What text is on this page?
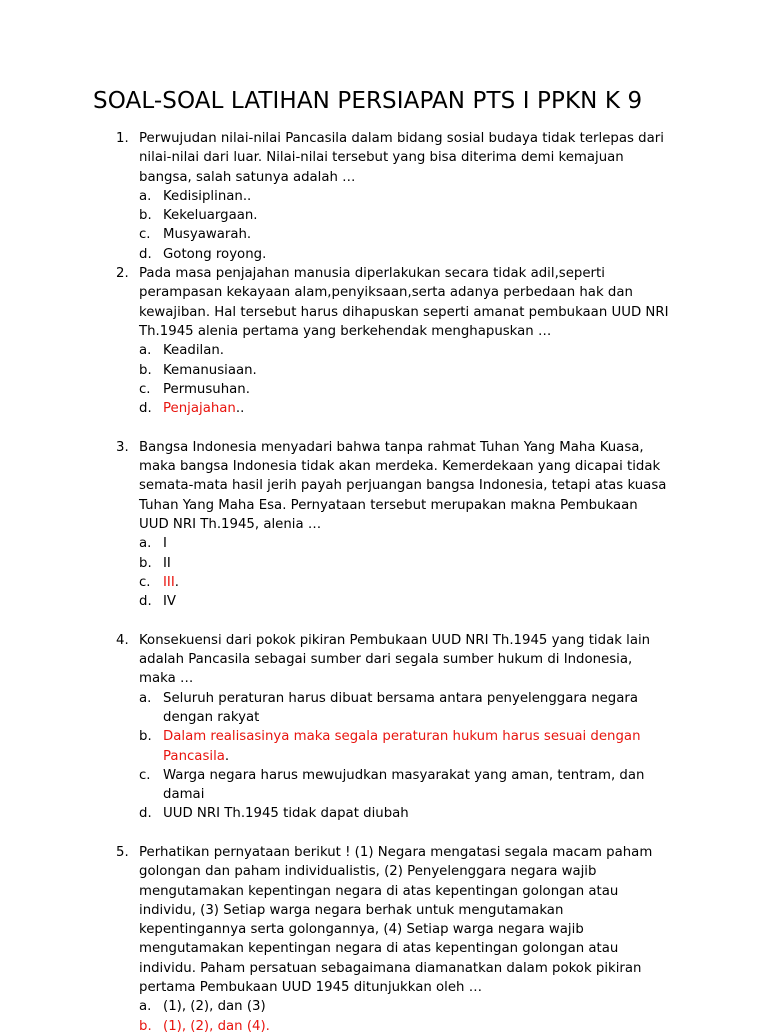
SOAL-SOAL LATIHAN PERSIAPAN PTS I PPKN K 9
1. Perwujudan nilai-nilai Pancasila dalam bidang sosial budaya tidak terlepas dari nilai-nilai dari luar. Nilai-nilai tersebut yang bisa diterima demi kemajuan bangsa, salah satunya adalah …
a. Kedisiplinan..
b. Kekeluargaan.
c. Musyawarah.
d. Gotong royong.
2. Pada masa penjajahan manusia diperlakukan secara tidak adil,seperti perampasan kekayaan alam,penyiksaan,serta adanya perbedaan hak dan kewajiban. Hal tersebut harus dihapuskan seperti amanat pembukaan UUD NRI Th.1945 alenia pertama yang berkehendak menghapuskan …
a. Keadilan.
b. Kemanusiaan.
c. Permusuhan.
d. Penjajahan..
3. Bangsa Indonesia menyadari bahwa tanpa rahmat Tuhan Yang Maha Kuasa, maka bangsa Indonesia tidak akan merdeka. Kemerdekaan yang dicapai tidak semata-mata hasil jerih payah perjuangan bangsa Indonesia, tetapi atas kuasa Tuhan Yang Maha Esa. Pernyataan tersebut merupakan makna Pembukaan UUD NRI Th.1945, alenia …
a. I
b. II
c. III.
d. IV
4. Konsekuensi dari pokok pikiran Pembukaan UUD NRI Th.1945 yang tidak lain adalah Pancasila sebagai sumber dari segala sumber hukum di Indonesia, maka …
a. Seluruh peraturan harus dibuat bersama antara penyelenggara negara dengan rakyat
b. Dalam realisasinya maka segala peraturan hukum harus sesuai dengan Pancasila.
c. Warga negara harus mewujudkan masyarakat yang aman, tentram, dan damai
d. UUD NRI Th.1945 tidak dapat diubah
5. Perhatikan pernyataan berikut ! (1) Negara mengatasi segala macam paham golongan dan paham individualistis, (2) Penyelenggara negara wajib mengutamakan kepentingan negara di atas kepentingan golongan atau individu, (3) Setiap warga negara berhak untuk mengutamakan kepentingannya serta golongannya, (4) Setiap warga negara wajib mengutamakan kepentingan negara di atas kepentingan golongan atau individu. Paham persatuan sebagaimana diamanatkan dalam pokok pikiran pertama Pembukaan UUD 1945 ditunjukkan oleh …
a. (1), (2), dan (3)
b. (1), (2), dan (4).
